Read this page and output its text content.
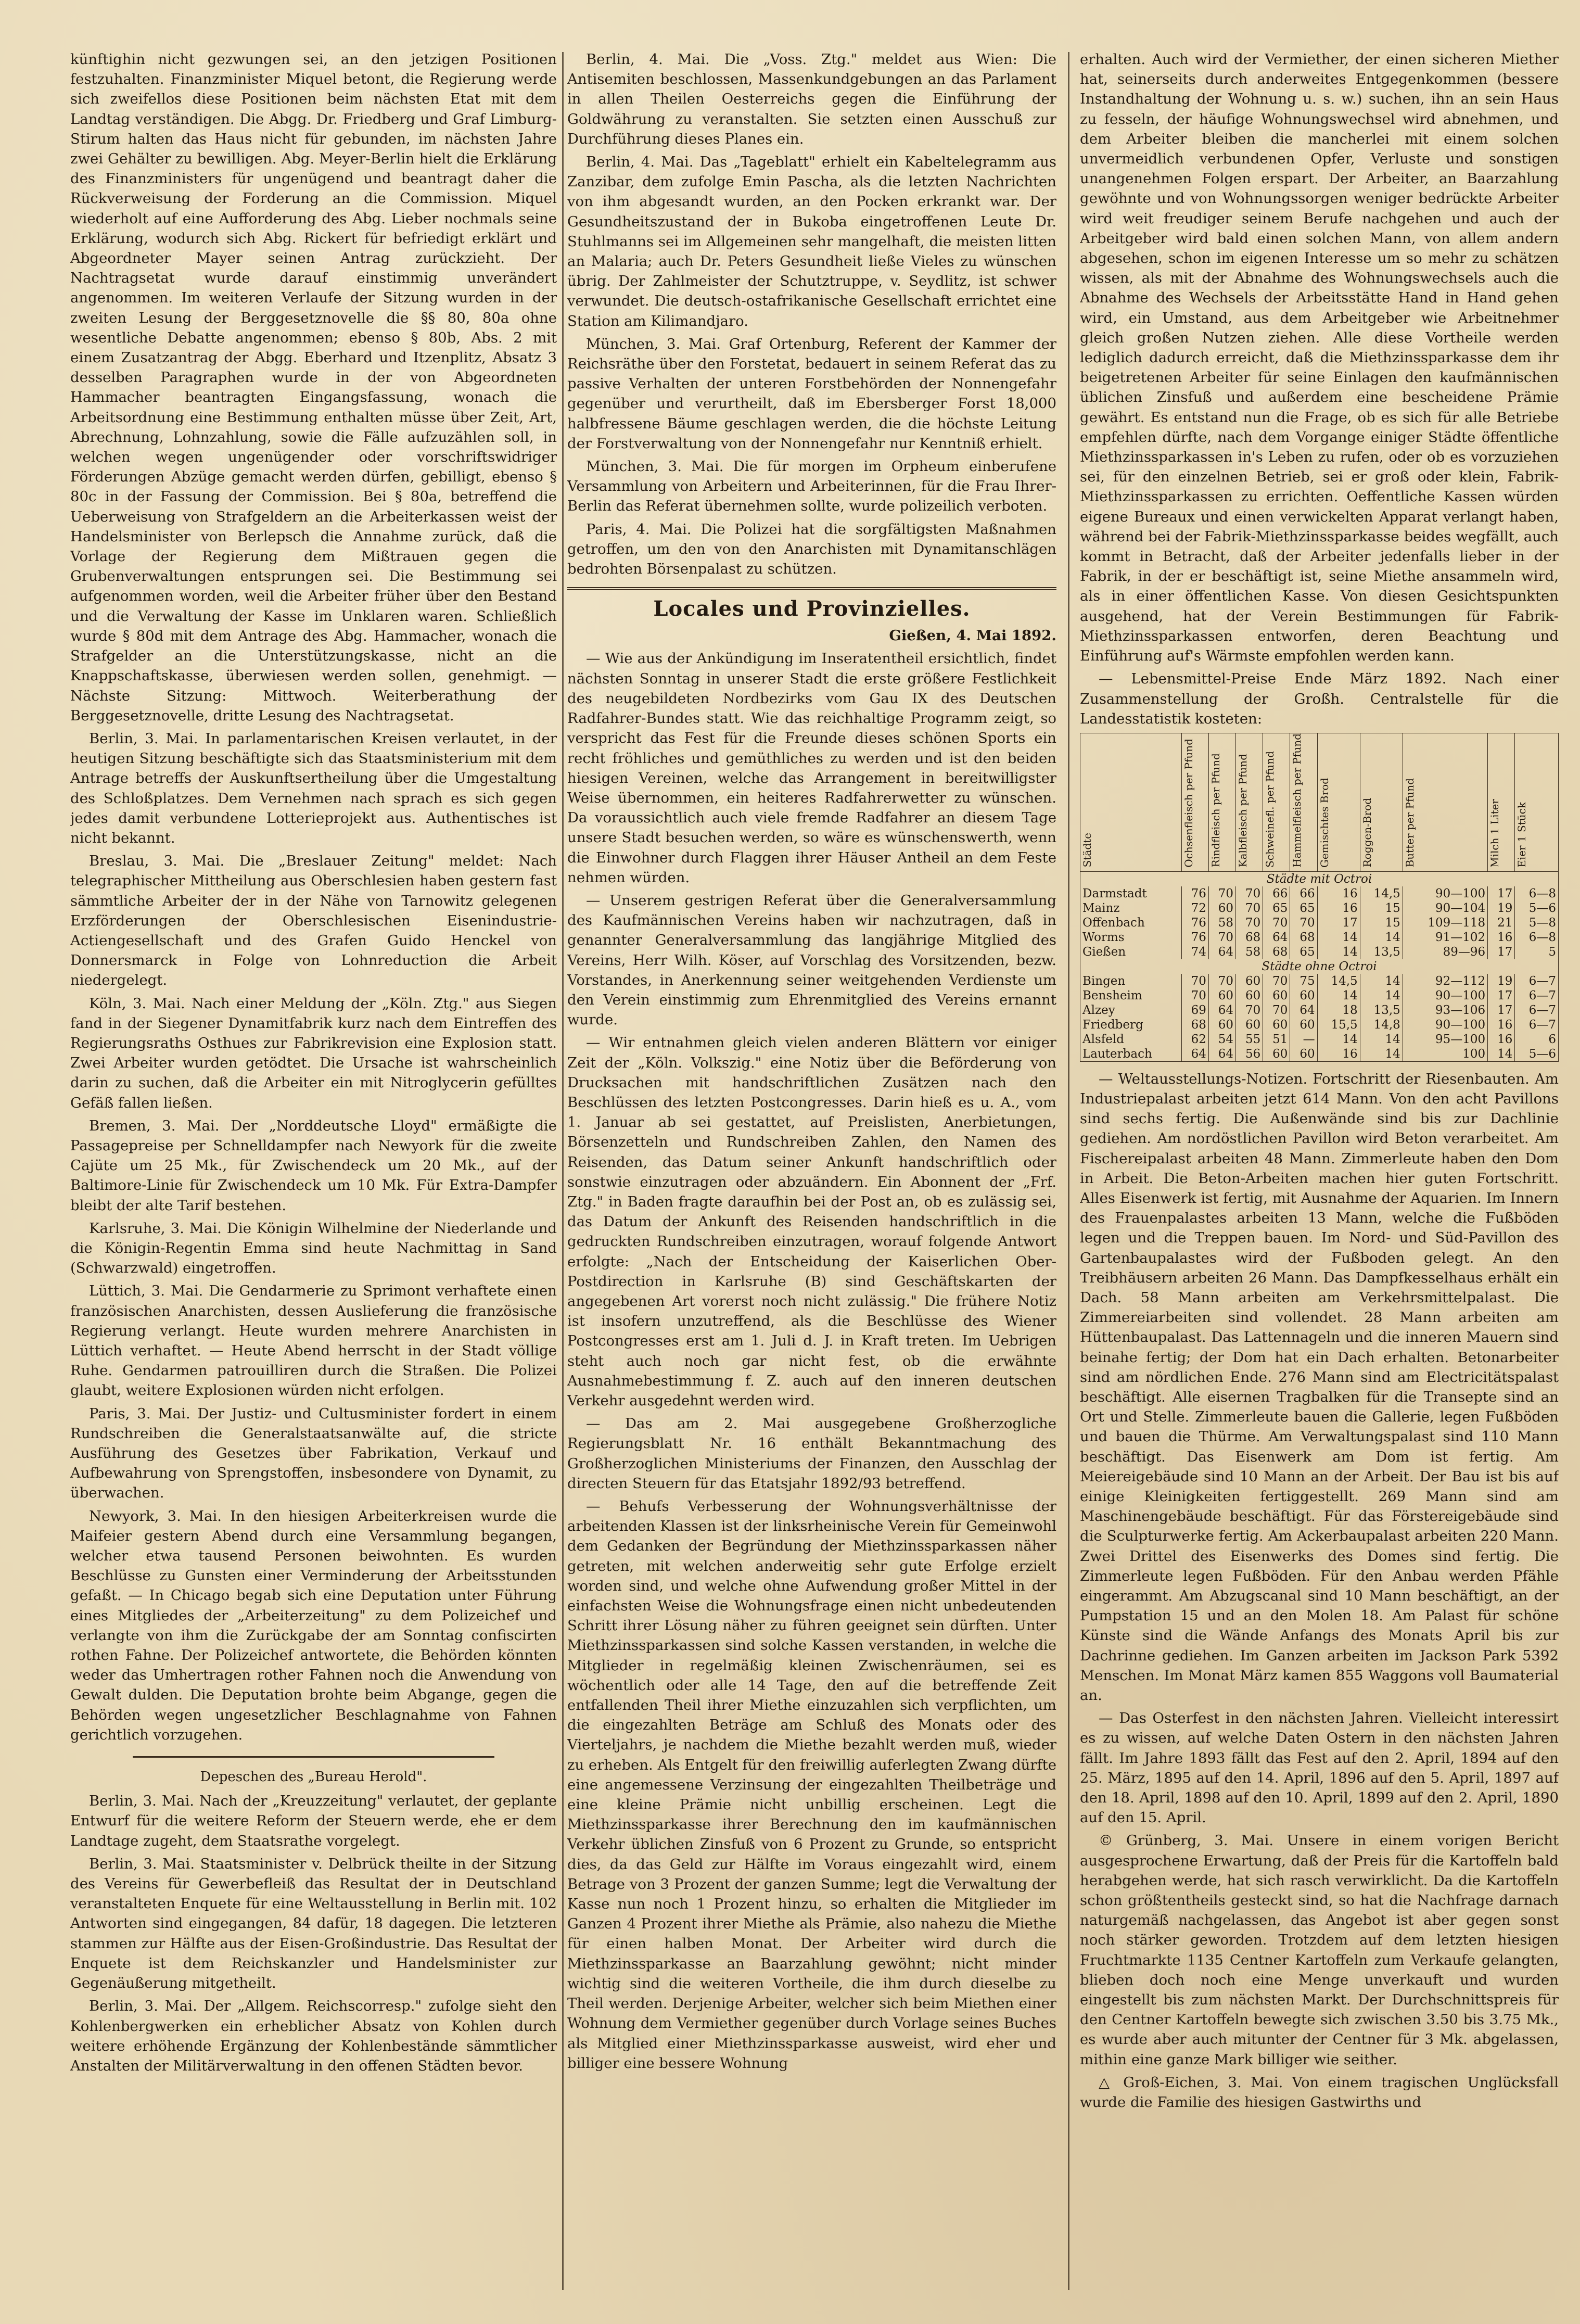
künftighin nicht gezwungen sei, an den jetzigen Positionen festzuhalten. Finanzminister Miquel betont, die Regierung werde sich zweifellos diese Positionen beim nächsten Etat mit dem Landtag verständigen. Die Abgg. Dr. Friedberg und Graf Limburg-Stirum halten das Haus nicht für gebunden, im nächsten Jahre zwei Gehälter zu bewilligen. Abg. Meyer-Berlin hielt die Erklärung des Finanzministers für ungenügend und beantragt daher die Rückverweisung der Forderung an die Commission. Miquel wiederholt auf eine Aufforderung des Abg. Lieber nochmals seine Erklärung, wodurch sich Abg. Rickert für befriedigt erklärt und Abgeordneter Mayer seinen Antrag zurückzieht. Der Nachtragsetat wurde darauf einstimmig unverändert angenommen. Im weiteren Verlaufe der Sitzung wurden in der zweiten Lesung der Berggesetznovelle die §§ 80, 80a ohne wesentliche Debatte angenommen; ebenso § 80b, Abs. 2 mit einem Zusatzantrag der Abgg. Eberhard und Itzenplitz, Absatz 3 desselben Paragraphen wurde in der von Abgeordneten Hammacher beantragten Eingangsfassung, wonach die Arbeitsordnung eine Bestimmung enthalten müsse über Zeit, Art, Abrechnung, Lohnzahlung, sowie die Fälle aufzuzählen soll, in welchen wegen ungenügender oder vorschriftswidriger Förderungen Abzüge gemacht werden dürfen, gebilligt, ebenso § 80c in der Fassung der Commission. Bei § 80a, betreffend die Ueberweisung von Strafgeldern an die Arbeiterkassen weist der Handelsminister von Berlepsch die Annahme zurück, daß die Vorlage der Regierung dem Mißtrauen gegen die Grubenverwaltungen entsprungen sei. Die Bestimmung sei aufgenommen worden, weil die Arbeiter früher über den Bestand und die Verwaltung der Kasse im Unklaren waren. Schließlich wurde § 80d mit dem Antrage des Abg. Hammacher, wonach die Strafgelder an die Unterstützungskasse, nicht an die Knappschaftskasse, überwiesen werden sollen, genehmigt. — Nächste Sitzung: Mittwoch. Weiterberathung der Berggesetznovelle, dritte Lesung des Nachtragsetat.

Berlin, 3. Mai. In parlamentarischen Kreisen verlautet, in der heutigen Sitzung beschäftigte sich das Staatsministerium mit dem Antrage betreffs der Auskunftsertheilung über die Umgestaltung des Schloßplatzes. Dem Vernehmen nach sprach es sich gegen jedes damit verbundene Lotterieprojekt aus. Authentisches ist nicht bekannt.

Breslau, 3. Mai. Die „Breslauer Zeitung" meldet: Nach telegraphischer Mittheilung aus Oberschlesien haben gestern fast sämmtliche Arbeiter der in der Nähe von Tarnowitz gelegenen Erzförderungen der Oberschlesischen Eisenindustrie-Actiengesellschaft und des Grafen Guido Henckel von Donnersmarck in Folge von Lohnreduction die Arbeit niedergelegt.

Köln, 3. Mai. Nach einer Meldung der „Köln. Ztg." aus Siegen fand in der Siegener Dynamitfabrik kurz nach dem Eintreffen des Regierungsraths Osthues zur Fabrikrevision eine Explosion statt. Zwei Arbeiter wurden getödtet. Die Ursache ist wahrscheinlich darin zu suchen, daß die Arbeiter ein mit Nitroglycerin gefülltes Gefäß fallen ließen.

Bremen, 3. Mai. Der „Norddeutsche Lloyd" ermäßigte die Passagepreise per Schnelldampfer nach Newyork für die zweite Cajüte um 25 Mk., für Zwischendeck um 20 Mk., auf der Baltimore-Linie für Zwischendeck um 10 Mk. Für Extra-Dampfer bleibt der alte Tarif bestehen.

Karlsruhe, 3. Mai. Die Königin Wilhelmine der Niederlande und die Königin-Regentin Emma sind heute Nachmittag in Sand (Schwarzwald) eingetroffen.

Lüttich, 3. Mai. Die Gendarmerie zu Sprimont verhaftete einen französischen Anarchisten, dessen Auslieferung die französische Regierung verlangt. Heute wurden mehrere Anarchisten in Lüttich verhaftet. — Heute Abend herrscht in der Stadt völlige Ruhe. Gendarmen patrouilliren durch die Straßen. Die Polizei glaubt, weitere Explosionen würden nicht erfolgen.

Paris, 3. Mai. Der Justiz- und Cultusminister fordert in einem Rundschreiben die Generalstaatsanwälte auf, die stricte Ausführung des Gesetzes über Fabrikation, Verkauf und Aufbewahrung von Sprengstoffen, insbesondere von Dynamit, zu überwachen.

Newyork, 3. Mai. In den hiesigen Arbeiterkreisen wurde die Maifeier gestern Abend durch eine Versammlung begangen, welcher etwa tausend Personen beiwohnten. Es wurden Beschlüsse zu Gunsten einer Verminderung der Arbeitsstunden gefaßt. — In Chicago begab sich eine Deputation unter Führung eines Mitgliedes der „Arbeiterzeitung" zu dem Polizeichef und verlangte von ihm die Zurückgabe der am Sonntag confiscirten rothen Fahne. Der Polizeichef antwortete, die Behörden könnten weder das Umhertragen rother Fahnen noch die Anwendung von Gewalt dulden. Die Deputation brohte beim Abgange, gegen die Behörden wegen ungesetzlicher Beschlagnahme von Fahnen gerichtlich vorzugehen.

Depeschen des „Bureau Herold".

Berlin, 3. Mai. Nach der „Kreuzzeitung" verlautet, der geplante Entwurf für die weitere Reform der Steuern werde, ehe er dem Landtage zugeht, dem Staatsrathe vorgelegt.

Berlin, 3. Mai. Staatsminister v. Delbrück theilte in der Sitzung des Vereins für Gewerbefleiß das Resultat der in Deutschland veranstalteten Enquete für eine Weltausstellung in Berlin mit. 102 Antworten sind eingegangen, 84 dafür, 18 dagegen. Die letzteren stammen zur Hälfte aus der Eisen-Großindustrie. Das Resultat der Enquete ist dem Reichskanzler und Handelsminister zur Gegenäußerung mitgetheilt.

Berlin, 3. Mai. Der „Allgem. Reichscorresp." zufolge sieht den Kohlenbergwerken ein erheblicher Absatz von Kohlen durch weitere erhöhende Ergänzung der Kohlenbestände sämmtlicher Anstalten der Militärverwaltung in den offenen Städten bevor.

Berlin, 4. Mai. Die „Voss. Ztg." meldet aus Wien: Die Antisemiten beschlossen, Massenkundgebungen an das Parlament in allen Theilen Oesterreichs gegen die Einführung der Goldwährung zu veranstalten. Sie setzten einen Ausschuß zur Durchführung dieses Planes ein.

Berlin, 4. Mai. Das „Tageblatt" erhielt ein Kabeltelegramm aus Zanzibar, dem zufolge Emin Pascha, als die letzten Nachrichten von ihm abgesandt wurden, an den Pocken erkrankt war. Der Gesundheitszustand der in Bukoba eingetroffenen Leute Dr. Stuhlmanns sei im Allgemeinen sehr mangelhaft, die meisten litten an Malaria; auch Dr. Peters Gesundheit ließe Vieles zu wünschen übrig. Der Zahlmeister der Schutztruppe, v. Seydlitz, ist schwer verwundet. Die deutsch-ostafrikanische Gesellschaft errichtet eine Station am Kilimandjaro.

München, 3. Mai. Graf Ortenburg, Referent der Kammer der Reichsräthe über den Forstetat, bedauert in seinem Referat das zu passive Verhalten der unteren Forstbehörden der Nonnengefahr gegenüber und verurtheilt, daß im Ebersberger Forst 18,000 halbfressene Bäume geschlagen werden, die die höchste Leitung der Forstverwaltung von der Nonnengefahr nur Kenntniß erhielt.

München, 3. Mai. Die für morgen im Orpheum einberufene Versammlung von Arbeitern und Arbeiterinnen, für die Frau Ihrer-Berlin das Referat übernehmen sollte, wurde polizeilich verboten.

Paris, 4. Mai. Die Polizei hat die sorgfältigsten Maßnahmen getroffen, um den von den Anarchisten mit Dynamitanschlägen bedrohten Börsenpalast zu schützen.

Locales und Provinzielles.

Gießen, 4. Mai 1892.

— Wie aus der Ankündigung im Inseratentheil ersichtlich, findet nächsten Sonntag in unserer Stadt die erste größere Festlichkeit des neugebildeten Nordbezirks vom Gau IX des Deutschen Radfahrer-Bundes statt. Wie das reichhaltige Programm zeigt, so verspricht das Fest für die Freunde dieses schönen Sports ein recht fröhliches und gemüthliches zu werden und ist den beiden hiesigen Vereinen, welche das Arrangement in bereitwilligster Weise übernommen, ein heiteres Radfahrerwetter zu wünschen. Da voraussichtlich auch viele fremde Radfahrer an diesem Tage unsere Stadt besuchen werden, so wäre es wünschenswerth, wenn die Einwohner durch Flaggen ihrer Häuser Antheil an dem Feste nehmen würden.

— Unserem gestrigen Referat über die Generalversammlung des Kaufmännischen Vereins haben wir nachzutragen, daß in genannter Generalversammlung das langjährige Mitglied des Vereins, Herr Wilh. Köser, auf Vorschlag des Vorsitzenden, bezw. Vorstandes, in Anerkennung seiner weitgehenden Verdienste um den Verein einstimmig zum Ehrenmitglied des Vereins ernannt wurde.

— Wir entnahmen gleich vielen anderen Blättern vor einiger Zeit der „Köln. Volkszig." eine Notiz über die Beförderung von Drucksachen mit handschriftlichen Zusätzen nach den Beschlüssen des letzten Postcongresses. Darin hieß es u. A., vom 1. Januar ab sei gestattet, auf Preislisten, Anerbietungen, Börsenzetteln und Rundschreiben Zahlen, den Namen des Reisenden, das Datum seiner Ankunft handschriftlich oder sonstwie einzutragen oder abzuändern. Ein Abonnent der „Frf. Ztg." in Baden fragte daraufhin bei der Post an, ob es zulässig sei, das Datum der Ankunft des Reisenden handschriftlich in die gedruckten Rundschreiben einzutragen, worauf folgende Antwort erfolgte: „Nach der Entscheidung der Kaiserlichen Ober-Postdirection in Karlsruhe (B) sind Geschäftskarten der angegebenen Art vorerst noch nicht zulässig." Die frühere Notiz ist insofern unzutreffend, als die Beschlüsse des Wiener Postcongresses erst am 1. Juli d. J. in Kraft treten. Im Uebrigen steht auch noch gar nicht fest, ob die erwähnte Ausnahmebestimmung f. Z. auch auf den inneren deutschen Verkehr ausgedehnt werden wird.

— Das am 2. Mai ausgegebene Großherzogliche Regierungsblatt Nr. 16 enthält Bekanntmachung des Großherzoglichen Ministeriums der Finanzen, den Ausschlag der directen Steuern für das Etatsjahr 1892/93 betreffend.

— Behufs Verbesserung der Wohnungsverhältnisse der arbeitenden Klassen ist der linksrheinische Verein für Gemeinwohl dem Gedanken der Begründung der Miethzinssparkassen näher getreten, mit welchen anderweitig sehr gute Erfolge erzielt worden sind, und welche ohne Aufwendung großer Mittel in der einfachsten Weise die Wohnungsfrage einen nicht unbedeutenden Schritt ihrer Lösung näher zu führen geeignet sein dürften. Unter Miethzinssparkassen sind solche Kassen verstanden, in welche die Mitglieder in regelmäßig kleinen Zwischenräumen, sei es wöchentlich oder alle 14 Tage, den auf die betreffende Zeit entfallenden Theil ihrer Miethe einzuzahlen sich verpflichten, um die eingezahlten Beträge am Schluß des Monats oder des Vierteljahrs, je nachdem die Miethe bezahlt werden muß, wieder zu erheben. Als Entgelt für den freiwillig auferlegten Zwang dürfte eine angemessene Verzinsung der eingezahlten Theilbeträge und eine kleine Prämie nicht unbillig erscheinen. Legt die Miethzinssparkasse ihrer Berechnung den im kaufmännischen Verkehr üblichen Zinsfuß von 6 Prozent zu Grunde, so entspricht dies, da das Geld zur Hälfte im Voraus eingezahlt wird, einem Betrage von 3 Prozent der ganzen Summe; legt die Verwaltung der Kasse nun noch 1 Prozent hinzu, so erhalten die Mitglieder im Ganzen 4 Prozent ihrer Miethe als Prämie, also nahezu die Miethe für einen halben Monat. Der Arbeiter wird durch die Miethzinssparkasse an Baarzahlung gewöhnt; nicht minder wichtig sind die weiteren Vortheile, die ihm durch dieselbe zu Theil werden. Derjenige Arbeiter, welcher sich beim Miethen einer Wohnung dem Vermiether gegenüber durch Vorlage seines Buches als Mitglied einer Miethzinssparkasse ausweist, wird eher und billiger eine bessere Wohnung

erhalten. Auch wird der Vermiether, der einen sicheren Miether hat, seinerseits durch anderweites Entgegenkommen (bessere Instandhaltung der Wohnung u. s. w.) suchen, ihn an sein Haus zu fesseln, der häufige Wohnungswechsel wird abnehmen, und dem Arbeiter bleiben die mancherlei mit einem solchen unvermeidlich verbundenen Opfer, Verluste und sonstigen unangenehmen Folgen erspart. Der Arbeiter, an Baarzahlung gewöhnte und von Wohnungssorgen weniger bedrückte Arbeiter wird weit freudiger seinem Berufe nachgehen und auch der Arbeitgeber wird bald einen solchen Mann, von allem andern abgesehen, schon im eigenen Interesse um so mehr zu schätzen wissen, als mit der Abnahme des Wohnungswechsels auch die Abnahme des Wechsels der Arbeitsstätte Hand in Hand gehen wird, ein Umstand, aus dem Arbeitgeber wie Arbeitnehmer gleich großen Nutzen ziehen. Alle diese Vortheile werden lediglich dadurch erreicht, daß die Miethzinssparkasse dem ihr beigetretenen Arbeiter für seine Einlagen den kaufmännischen üblichen Zinsfuß und außerdem eine bescheidene Prämie gewährt. Es entstand nun die Frage, ob es sich für alle Betriebe empfehlen dürfte, nach dem Vorgange einiger Städte öffentliche Miethzinssparkassen in's Leben zu rufen, oder ob es vorzuziehen sei, für den einzelnen Betrieb, sei er groß oder klein, Fabrik-Miethzinssparkassen zu errichten. Oeffentliche Kassen würden eigene Bureaux und einen verwickelten Apparat verlangt haben, während bei der Fabrik-Miethzinssparkasse beides wegfällt, auch kommt in Betracht, daß der Arbeiter jedenfalls lieber in der Fabrik, in der er beschäftigt ist, seine Miethe ansammeln wird, als in einer öffentlichen Kasse. Von diesen Gesichtspunkten ausgehend, hat der Verein Bestimmungen für Fabrik-Miethzinssparkassen entworfen, deren Beachtung und Einführung auf's Wärmste empfohlen werden kann.

— Lebensmittel-Preise Ende März 1892. Nach einer Zusammenstellung der Großh. Centralstelle für die Landesstatistik kosteten:

Städte	Ochsenfleisch per Pfund	Rindfleisch per Pfund	Kalbfleisch per Pfund	Schweinefl. per Pfund	Hammelfleisch per Pfund	Gemischtes Brod	Roggen-Brod	Butter per Pfund	Milch 1 Liter	Eier 1 Stück
Städte mit Octroi										
Darmstadt	76	70	70	66	66	16	14,5	90—100	17	6—8
Mainz	72	60	70	65	65	16	15	90—104	19	5—6
Offenbach	76	58	70	70	70	17	15	109—118	21	5—8
Worms	76	70	68	64	68	14	14	91—102	16	6—8
Gießen	74	64	58	68	65	14	13,5	89—96	17	5
Städte ohne Octroi										
Bingen	70	70	60	70	75	14,5	14	92—112	19	6—7
Bensheim	70	60	60	60	60	14	14	90—100	17	6—7
Alzey	69	64	70	70	64	18	13,5	93—106	17	6—7
Friedberg	68	60	60	60	60	15,5	14,8	90—100	16	6—7
Alsfeld	62	54	55	51	—	14	14	95—100	16	6
Lauterbach	64	64	56	60	60	16	14	100	14	5—6

— Weltausstellungs-Notizen. Fortschritt der Riesenbauten. Am Industriepalast arbeiten jetzt 614 Mann. Von den acht Pavillons sind sechs fertig. Die Außenwände sind bis zur Dachlinie gediehen. Am nordöstlichen Pavillon wird Beton verarbeitet. Am Fischereipalast arbeiten 48 Mann. Zimmerleute haben den Dom in Arbeit. Die Beton-Arbeiten machen hier guten Fortschritt. Alles Eisenwerk ist fertig, mit Ausnahme der Aquarien. Im Innern des Frauenpalastes arbeiten 13 Mann, welche die Fußböden legen und die Treppen bauen. Im Nord- und Süd-Pavillon des Gartenbaupalastes wird der Fußboden gelegt. An den Treibhäusern arbeiten 26 Mann. Das Dampfkesselhaus erhält ein Dach. 58 Mann arbeiten am Verkehrsmittelpalast. Die Zimmereiarbeiten sind vollendet. 28 Mann arbeiten am Hüttenbaupalast. Das Lattennageln und die inneren Mauern sind beinahe fertig; der Dom hat ein Dach erhalten. Betonarbeiter sind am nördlichen Ende. 276 Mann sind am Electricitätspalast beschäftigt. Alle eisernen Tragbalken für die Transepte sind an Ort und Stelle. Zimmerleute bauen die Gallerie, legen Fußböden und bauen die Thürme. Am Verwaltungspalast sind 110 Mann beschäftigt. Das Eisenwerk am Dom ist fertig. Am Meiereigebäude sind 10 Mann an der Arbeit. Der Bau ist bis auf einige Kleinigkeiten fertiggestellt. 269 Mann sind am Maschinengebäude beschäftigt. Für das Förstereigebäude sind die Sculpturwerke fertig. Am Ackerbaupalast arbeiten 220 Mann. Zwei Drittel des Eisenwerks des Domes sind fertig. Die Zimmerleute legen Fußböden. Für den Anbau werden Pfähle eingerammt. Am Abzugscanal sind 10 Mann beschäftigt, an der Pumpstation 15 und an den Molen 18. Am Palast für schöne Künste sind die Wände Anfangs des Monats April bis zur Dachrinne gediehen. Im Ganzen arbeiten im Jackson Park 5392 Menschen. Im Monat März kamen 855 Waggons voll Baumaterial an.

— Das Osterfest in den nächsten Jahren. Vielleicht interessirt es zu wissen, auf welche Daten Ostern in den nächsten Jahren fällt. Im Jahre 1893 fällt das Fest auf den 2. April, 1894 auf den 25. März, 1895 auf den 14. April, 1896 auf den 5. April, 1897 auf den 18. April, 1898 auf den 10. April, 1899 auf den 2. April, 1890 auf den 15. April.

© Grünberg, 3. Mai. Unsere in einem vorigen Bericht ausgesprochene Erwartung, daß der Preis für die Kartoffeln bald herabgehen werde, hat sich rasch verwirklicht. Da die Kartoffeln schon größtentheils gesteckt sind, so hat die Nachfrage darnach naturgemäß nachgelassen, das Angebot ist aber gegen sonst noch stärker geworden. Trotzdem auf dem letzten hiesigen Fruchtmarkte 1135 Centner Kartoffeln zum Verkaufe gelangten, blieben doch noch eine Menge unverkauft und wurden eingestellt bis zum nächsten Markt. Der Durchschnittspreis für den Centner Kartoffeln bewegte sich zwischen 3.50 bis 3.75 Mk., es wurde aber auch mitunter der Centner für 3 Mk. abgelassen, mithin eine ganze Mark billiger wie seither.

△ Groß-Eichen, 3. Mai. Von einem tragischen Unglücksfall wurde die Familie des hiesigen Gastwirths und
